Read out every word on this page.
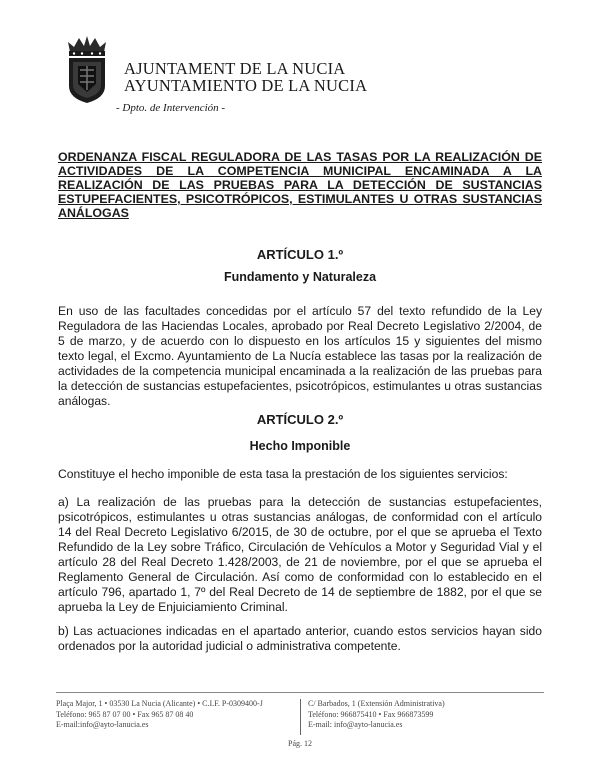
AJUNTAMENT DE LA NUCIA
AYUNTAMIENTO DE LA NUCIA
- Dpto. de Intervención -
ORDENANZA FISCAL REGULADORA DE LAS TASAS POR LA REALIZACIÓN DE ACTIVIDADES DE LA COMPETENCIA MUNICIPAL ENCAMINADA A LA REALIZACIÓN DE LAS PRUEBAS PARA LA DETECCIÓN DE SUSTANCIAS ESTUPEFACIENTES, PSICOTRÓPICOS, ESTIMULANTES U OTRAS SUSTANCIAS ANÁLOGAS
ARTÍCULO 1.º
Fundamento y Naturaleza
En uso de las facultades concedidas por el artículo 57 del texto refundido de la Ley Reguladora de las Haciendas Locales, aprobado por Real Decreto Legislativo 2/2004, de 5 de marzo, y de acuerdo con lo dispuesto en los artículos 15 y siguientes del mismo texto legal, el Excmo. Ayuntamiento de La Nucía establece las tasas por la realización de actividades de la competencia municipal encaminada a la realización de las pruebas para la detección de sustancias estupefacientes, psicotrópicos, estimulantes u otras sustancias análogas.
ARTÍCULO 2.º
Hecho Imponible
Constituye el hecho imponible de esta tasa la prestación de los siguientes servicios:
a) La realización de las pruebas para la detección de sustancias estupefacientes, psicotrópicos, estimulantes u otras sustancias análogas, de conformidad con el artículo 14 del Real Decreto Legislativo 6/2015, de 30 de octubre, por el que se aprueba el Texto Refundido de la Ley sobre Tráfico, Circulación de Vehículos a Motor y Seguridad Vial y el artículo 28 del Real Decreto 1.428/2003, de 21 de noviembre, por el que se aprueba el Reglamento General de Circulación. Así como de conformidad con lo establecido en el artículo 796, apartado 1, 7º del Real Decreto de 14 de septiembre de 1882, por el que se aprueba la Ley de Enjuiciamiento Criminal.
b) Las actuaciones indicadas en el apartado anterior, cuando estos servicios hayan sido ordenados por la autoridad judicial o administrativa competente.
Plaça Major, 1 • 03530 La Nucia (Alicante) • C.I.F. P-0309400-J
Teléfono: 965 87 07 00 • Fax 965 87 08 40
E-mail:info@ayto-lanucia.es
C/ Barbados, 1 (Extensión Administrativa)
Teléfono: 966875410 • Fax 966873599
E-mail: info@ayto-lanucia.es
Pág. 12
